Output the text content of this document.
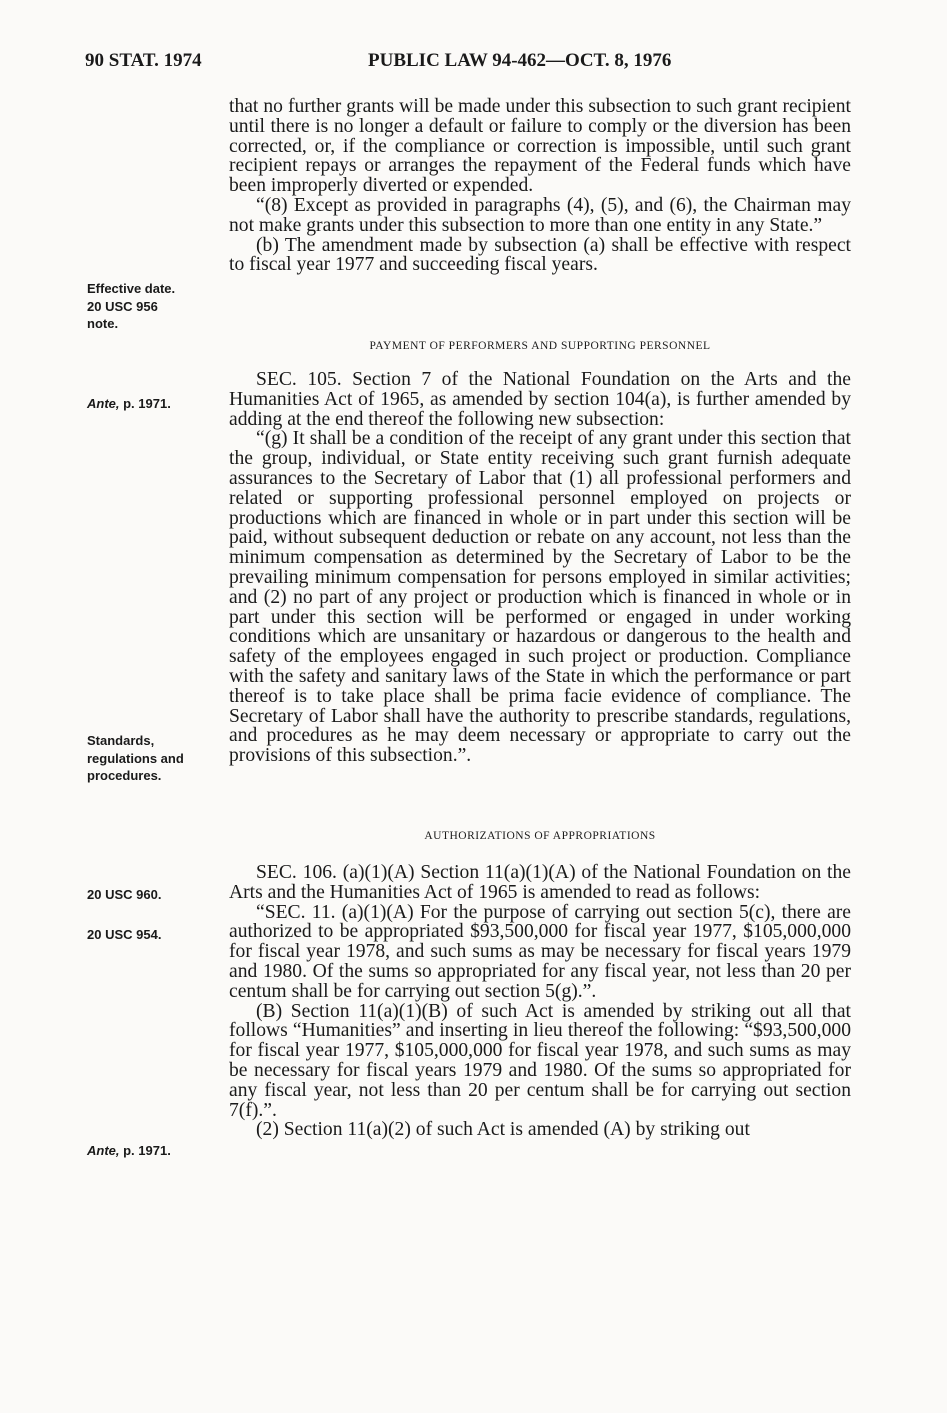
90 STAT. 1974	PUBLIC LAW 94-462—OCT. 8, 1976
Effective date.
20 USC 956
note.
Ante, p. 1971.
Standards,
regulations and
procedures.
20 USC 960.
20 USC 954.
Ante, p. 1971.

that no further grants will be made under this subsection to such grant recipient until there is no longer a default or failure to comply or the diversion has been corrected, or, if the compliance or correction is impossible, until such grant recipient repays or arranges the repayment of the Federal funds which have been improperly diverted or expended.

“(8) Except as provided in paragraphs (4), (5), and (6), the Chairman may not make grants under this subsection to more than one entity in any State.”

(b) The amendment made by subsection (a) shall be effective with respect to fiscal year 1977 and succeeding fiscal years.

PAYMENT OF PERFORMERS AND SUPPORTING PERSONNEL

SEC. 105. Section 7 of the National Foundation on the Arts and the Humanities Act of 1965, as amended by section 104(a), is further amended by adding at the end thereof the following new subsection:

“(g) It shall be a condition of the receipt of any grant under this section that the group, individual, or State entity receiving such grant furnish adequate assurances to the Secretary of Labor that (1) all professional performers and related or supporting professional personnel employed on projects or productions which are financed in whole or in part under this section will be paid, without subsequent deduction or rebate on any account, not less than the minimum compensation as determined by the Secretary of Labor to be the prevailing minimum compensation for persons employed in similar activities; and (2) no part of any project or production which is financed in whole or in part under this section will be performed or engaged in under working conditions which are unsanitary or hazardous or dangerous to the health and safety of the employees engaged in such project or production. Compliance with the safety and sanitary laws of the State in which the performance or part thereof is to take place shall be prima facie evidence of compliance. The Secretary of Labor shall have the authority to prescribe standards, regulations, and procedures as he may deem necessary or appropriate to carry out the provisions of this subsection.”.

AUTHORIZATIONS OF APPROPRIATIONS

SEC. 106. (a)(1)(A) Section 11(a)(1)(A) of the National Foundation on the Arts and the Humanities Act of 1965 is amended to read as follows:

“SEC. 11. (a)(1)(A) For the purpose of carrying out section 5(c), there are authorized to be appropriated $93,500,000 for fiscal year 1977, $105,000,000 for fiscal year 1978, and such sums as may be necessary for fiscal years 1979 and 1980. Of the sums so appropriated for any fiscal year, not less than 20 per centum shall be for carrying out section 5(g).”.

(B) Section 11(a)(1)(B) of such Act is amended by striking out all that follows “Humanities” and inserting in lieu thereof the following: “$93,500,000 for fiscal year 1977, $105,000,000 for fiscal year 1978, and such sums as may be necessary for fiscal years 1979 and 1980. Of the sums so appropriated for any fiscal year, not less than 20 per centum shall be for carrying out section 7(f).”.

(2) Section 11(a)(2) of such Act is amended (A) by striking out
